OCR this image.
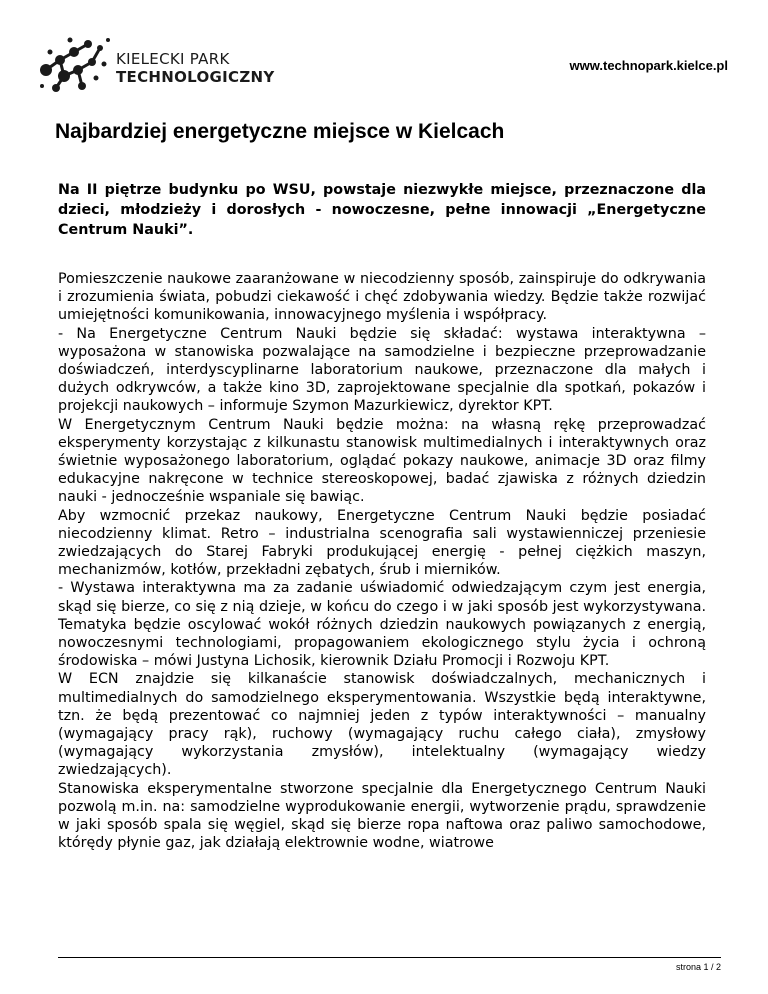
KIELECKI PARK
TECHNOLOGICZNY
www.technopark.kielce.pl
Najbardziej energetyczne miejsce w Kielcach

Na II piętrze budynku po WSU, powstaje niezwykłe miejsce, przeznaczone dla dzieci, młodzieży i dorosłych - nowoczesne, pełne innowacji „Energetyczne Centrum Nauki”.

Pomieszczenie naukowe zaaranżowane w niecodzienny sposób, zainspiruje do odkrywania i zrozumienia świata, pobudzi ciekawość i chęć zdobywania wiedzy. Będzie także rozwijać umiejętności komunikowania, innowacyjnego myślenia i współpracy.

- Na Energetyczne Centrum Nauki będzie się składać: wystawa interaktywna – wyposażona w stanowiska pozwalające na samodzielne i bezpieczne przeprowadzanie doświadczeń, interdyscyplinarne laboratorium naukowe, przeznaczone dla małych i dużych odkrywców, a także kino 3D, zaprojektowane specjalnie dla spotkań, pokazów i projekcji naukowych – informuje Szymon Mazurkiewicz, dyrektor KPT.

W Energetycznym Centrum Nauki będzie można: na własną rękę przeprowadzać eksperymenty korzystając z kilkunastu stanowisk multimedialnych i interaktywnych oraz świetnie wyposażonego laboratorium, oglądać pokazy naukowe, animacje 3D oraz filmy edukacyjne nakręcone w technice stereoskopowej, badać zjawiska z różnych dziedzin nauki - jednocześnie wspaniale się bawiąc.

Aby wzmocnić przekaz naukowy, Energetyczne Centrum Nauki będzie posiadać niecodzienny klimat. Retro – industrialna scenografia sali wystawienniczej przeniesie zwiedzających do Starej Fabryki produkującej energię - pełnej ciężkich maszyn, mechanizmów, kotłów, przekładni zębatych, śrub i mierników.

- Wystawa interaktywna ma za zadanie uświadomić odwiedzającym czym jest energia, skąd się bierze, co się z nią dzieje, w końcu do czego i w jaki sposób jest wykorzystywana. Tematyka będzie oscylować wokół różnych dziedzin naukowych powiązanych z energią, nowoczesnymi technologiami, propagowaniem ekologicznego stylu życia i ochroną środowiska – mówi Justyna Lichosik, kierownik Działu Promocji i Rozwoju KPT.

W ECN znajdzie się kilkanaście stanowisk doświadczalnych, mechanicznych i multimedialnych do samodzielnego eksperymentowania. Wszystkie będą interaktywne, tzn. że będą prezentować co najmniej jeden z typów interaktywności – manualny (wymagający pracy rąk), ruchowy (wymagający ruchu całego ciała), zmysłowy (wymagający wykorzystania zmysłów), intelektualny (wymagający wiedzy zwiedzających).

Stanowiska eksperymentalne stworzone specjalnie dla Energetycznego Centrum Nauki pozwolą m.in. na: samodzielne wyprodukowanie energii, wytworzenie prądu, sprawdzenie w jaki sposób spala się węgiel, skąd się bierze ropa naftowa oraz paliwo samochodowe, którędy płynie gaz, jak działają elektrownie wodne, wiatrowe

strona 1 / 2
